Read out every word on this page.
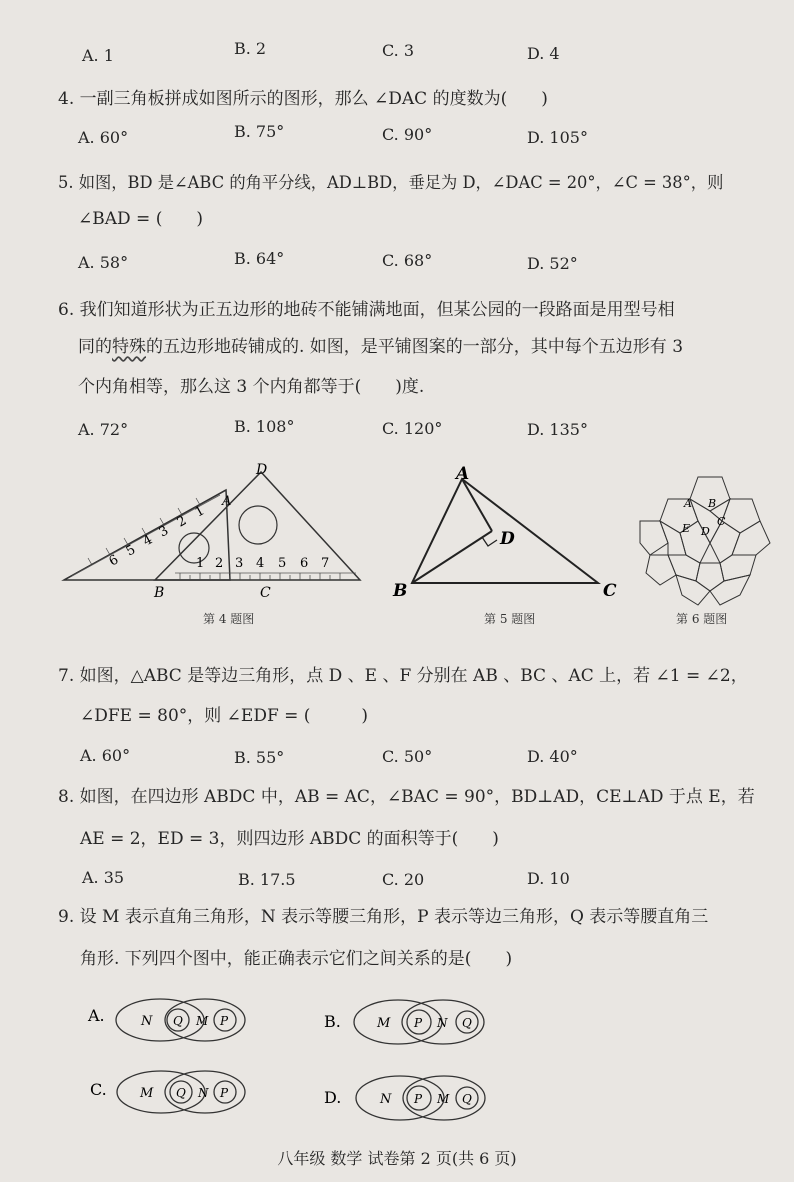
A. 1	B. 2	C. 3	D. 4
4. 一副三角板拼成如图所示的图形，那么 ∠DAC 的度数为(　　)
A. 60°	B. 75°	C. 90°	D. 105°
5. 如图，BD 是∠ABC 的角平分线，AD⊥BD，垂足为 D，∠DAC = 20°，∠C = 38°，则
∠BAD = (　　)
A. 58°	B. 64°	C. 68°	D. 52°
6. 我们知道形状为正五边形的地砖不能铺满地面，但某公园的一段路面是用型号相
同的特殊的五边形地砖铺成的. 如图，是平铺图案的一部分，其中每个五边形有 3
个内角相等，那么这 3 个内角都等于(　　)度.
A. 72°	B. 108°	C. 120°	D. 135°
D
A
B	C
1
2
3
4
5
6	1 2 3 4 5 6 7
第 4 题图
A
D
B	C
第 5 题图
A B
E D
C
第 6 题图
7. 如图，△ABC 是等边三角形，点 D 、E 、F 分别在 AB 、BC 、AC 上，若 ∠1 = ∠2，
∠DFE = 80°，则 ∠EDF = (　　　)
A. 60°	B. 55°	C. 50°	D. 40°
8. 如图，在四边形 ABDC 中，AB = AC，∠BAC = 90°，BD⊥AD，CE⊥AD 于点 E，若
AE = 2，ED = 3，则四边形 ABDC 的面积等于(　　)
A. 35	B. 17.5	C. 20	D. 10
9. 设 M 表示直角三角形，N 表示等腰三角形，P 表示等边三角形，Q 表示等腰直角三
角形. 下列四个图中，能正确表示它们之间关系的是(　　)
A.	N Q M P	B.	M P N Q
C.	M Q N P	D.	N P M Q
八年级 数学 试卷第 2 页(共 6 页)
